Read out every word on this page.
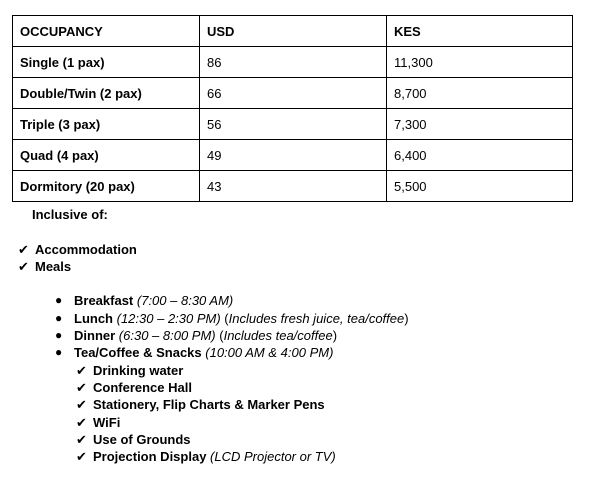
OCCUPANCY	USD	KES
Single (1 pax)	86	11,300
Double/Twin (2 pax)	66	8,700
Triple (3 pax)	56	7,300
Quad (4 pax)	49	6,400
Dormitory (20 pax)	43	5,500
Inclusive of:
✔ Accommodation
✔ Meals
● Breakfast (7:00 – 8:30 AM)
● Lunch (12:30 – 2:30 PM) (Includes fresh juice, tea/coffee)
● Dinner (6:30 – 8:00 PM) (Includes tea/coffee)
● Tea/Coffee & Snacks (10:00 AM & 4:00 PM)
✔ Drinking water
✔ Conference Hall
✔ Stationery, Flip Charts & Marker Pens
✔ WiFi
✔ Use of Grounds
✔ Projection Display (LCD Projector or TV)
